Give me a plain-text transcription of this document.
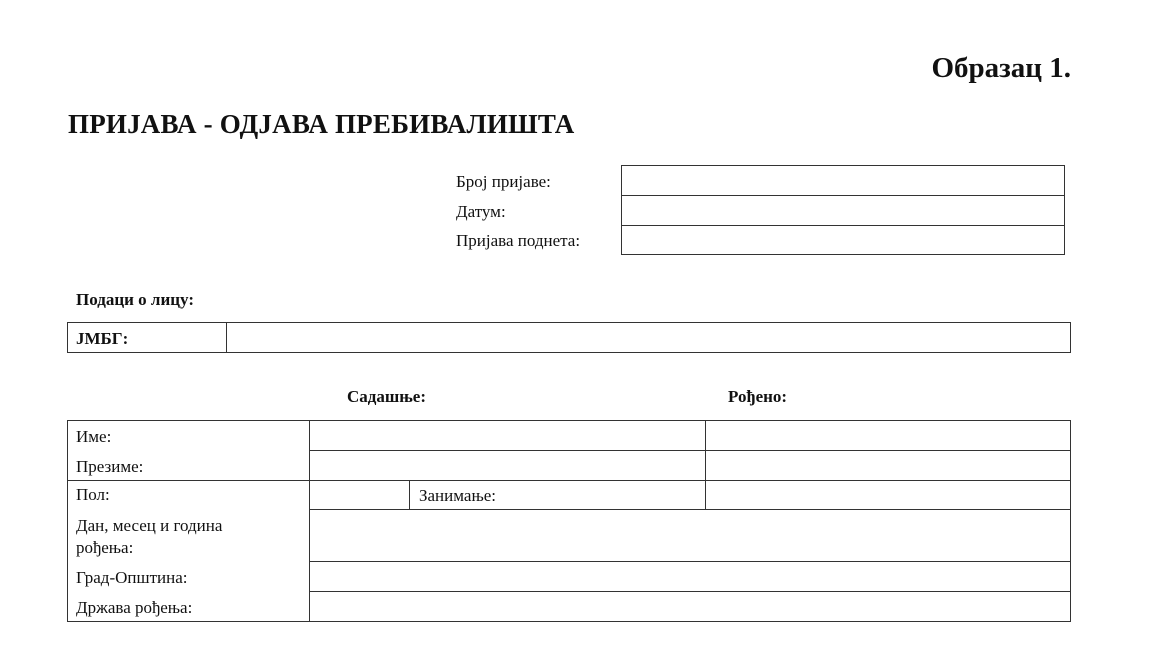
Образац 1.
ПРИЈАВА - ОДЈАВА ПРЕБИВАЛИШТА
Број пријаве:
Датум:
Пријава поднета:
Подаци о лицу:
ЈМБГ:
Садашње:	Рођено:
Име:
Презиме:
Пол:	Занимање:
Дан, месец и година рођења:
Град-Општина:
Држава рођења:
